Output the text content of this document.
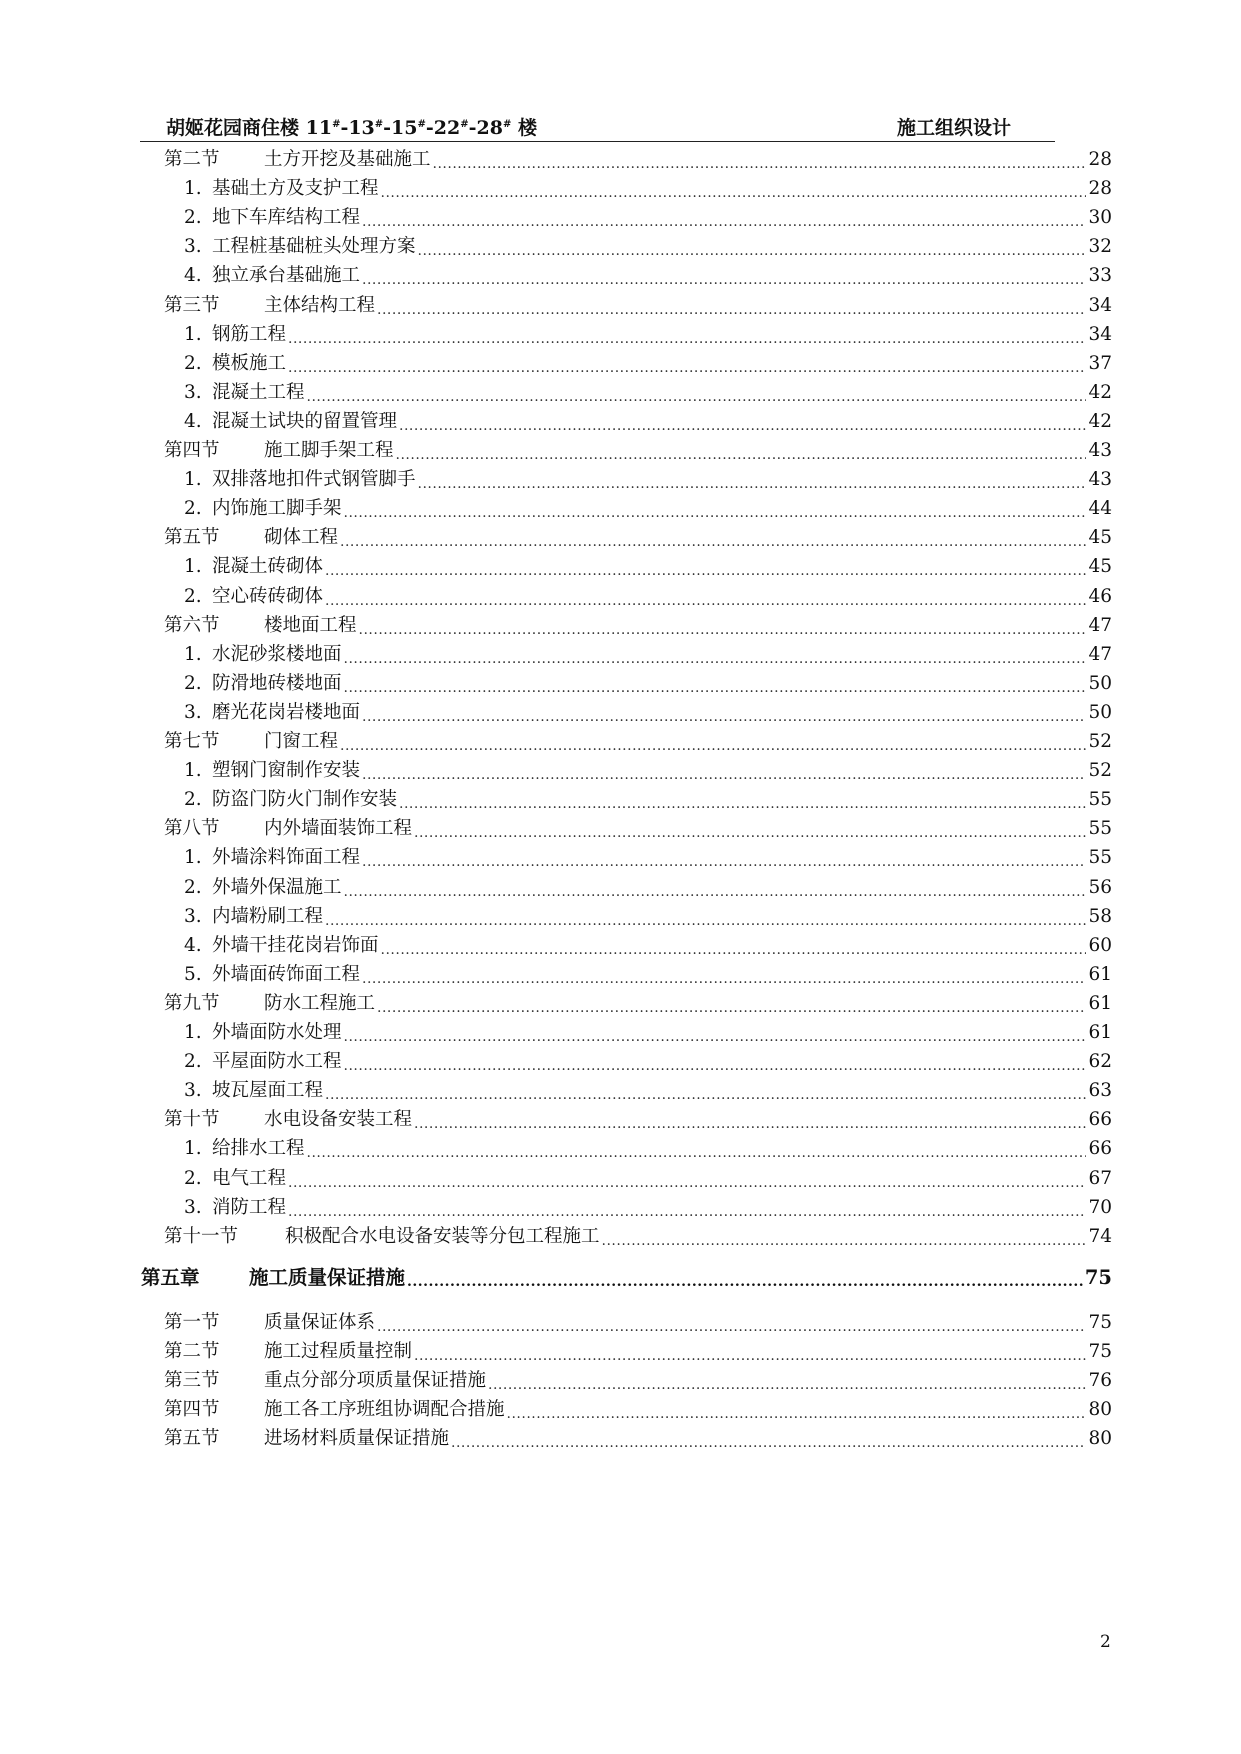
胡姬花园商住楼 11#-13#-15#-22#-28# 楼	施工组织设计
第二节	土方开挖及基础施工 .....	28
1. 基础土方及支护工程 .....	28
2. 地下车库结构工程 .....	30
3. 工程桩基础桩头处理方案 .....	32
4. 独立承台基础施工 .....	33
第三节	主体结构工程 .....	34
1. 钢筋工程 .....	34
2. 模板施工 .....	37
3. 混凝土工程 .....	42
4. 混凝土试块的留置管理 .....	42
第四节	施工脚手架工程 .....	43
1. 双排落地扣件式钢管脚手 .....	43
2. 内饰施工脚手架 .....	44
第五节	砌体工程 .....	45
1. 混凝土砖砌体 .....	45
2. 空心砖砖砌体 .....	46
第六节	楼地面工程 .....	47
1. 水泥砂浆楼地面 .....	47
2. 防滑地砖楼地面 .....	50
3. 磨光花岗岩楼地面 .....	50
第七节	门窗工程 .....	52
1. 塑钢门窗制作安装 .....	52
2. 防盗门防火门制作安装 .....	55
第八节	内外墙面装饰工程 .....	55
1. 外墙涂料饰面工程 .....	55
2. 外墙外保温施工 .....	56
3. 内墙粉刷工程 .....	58
4. 外墙干挂花岗岩饰面 .....	60
5. 外墙面砖饰面工程 .....	61
第九节	防水工程施工 .....	61
1. 外墙面防水处理 .....	61
2. 平屋面防水工程 .....	62
3. 坡瓦屋面工程 .....	63
第十节	水电设备安装工程 .....	66
1. 给排水工程 .....	66
2. 电气工程 .....	67
3. 消防工程 .....	70
第十一节	积极配合水电设备安装等分包工程施工 .....	74
第五章	施工质量保证措施 .....	75
第一节	质量保证体系 .....	75
第二节	施工过程质量控制 .....	75
第三节	重点分部分项质量保证措施 .....	76
第四节	施工各工序班组协调配合措施 .....	80
第五节	进场材料质量保证措施 .....	80
2
